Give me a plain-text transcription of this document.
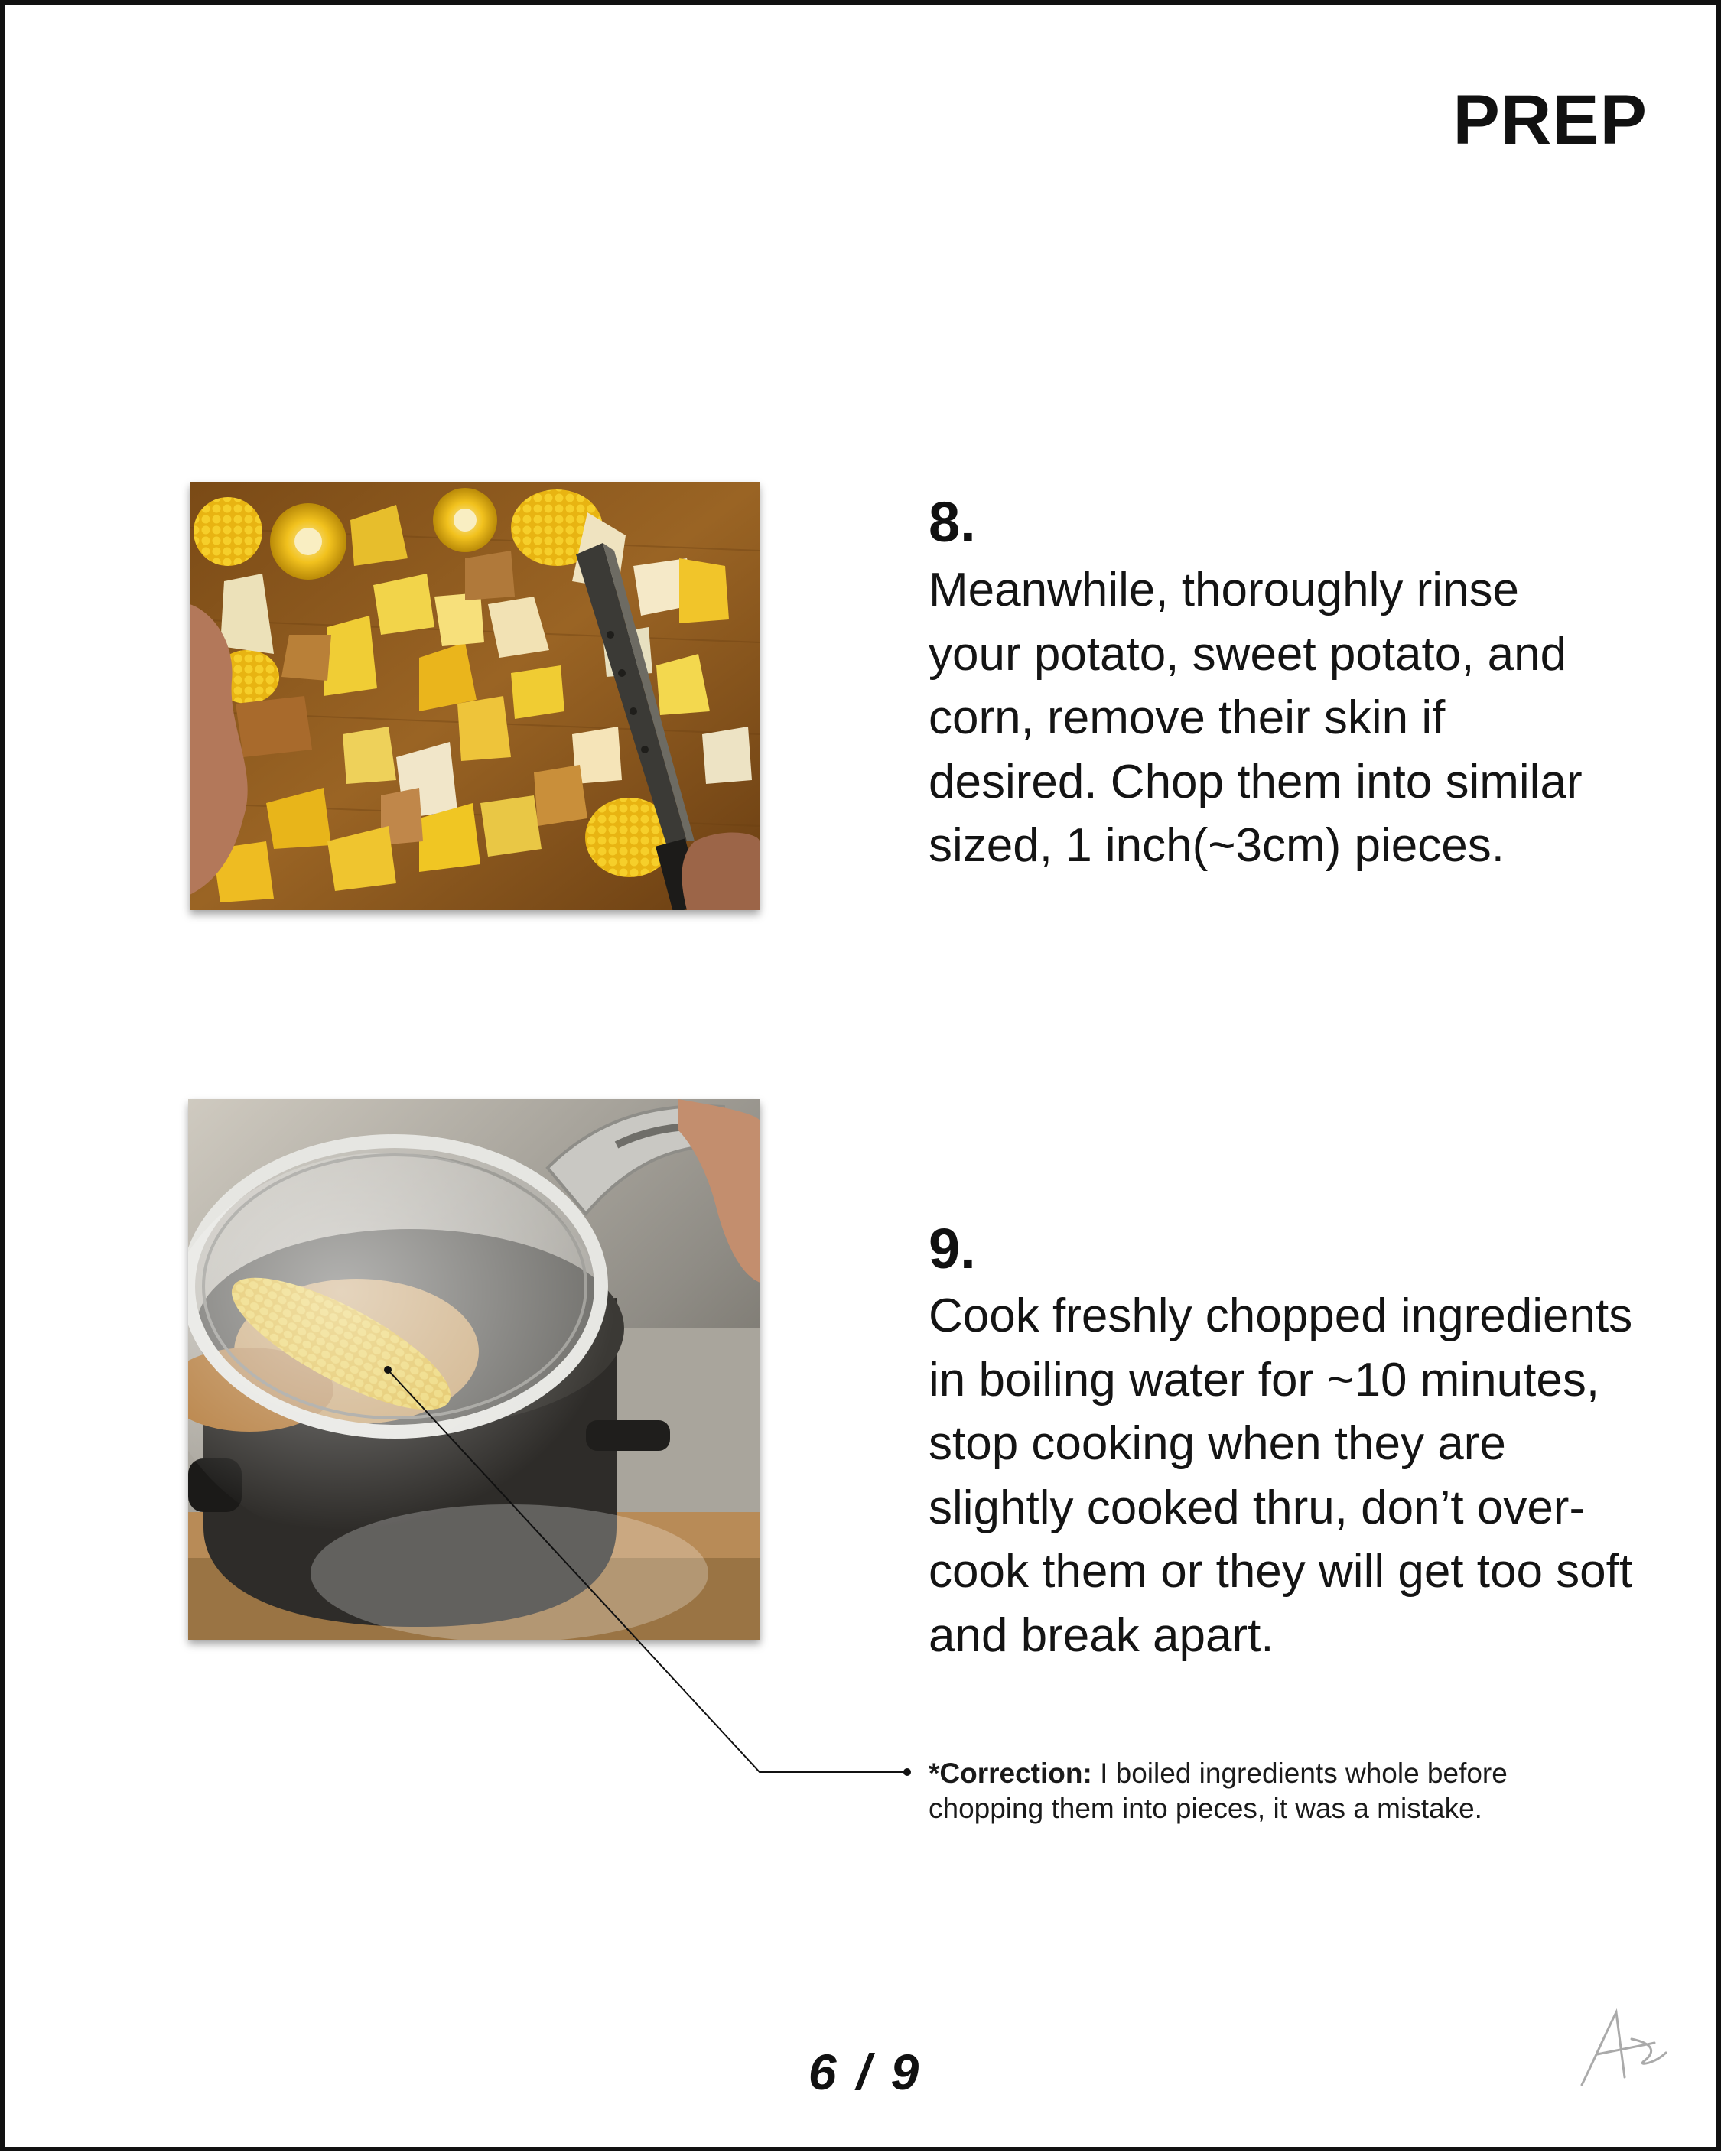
PREP
8.

Meanwhile, thoroughly rinse your potato, sweet potato, and corn, remove their skin if desired. Chop them into similar sized, 1 inch(~3cm) pieces.

9.

Cook freshly chopped ingredients in boiling water for ~10 minutes, stop cooking when they are slightly cooked thru, don’t over-cook them or they will get too soft and break apart.

*Correction: I boiled ingredients whole before chopping them into pieces, it was a mistake.

6 / 9
